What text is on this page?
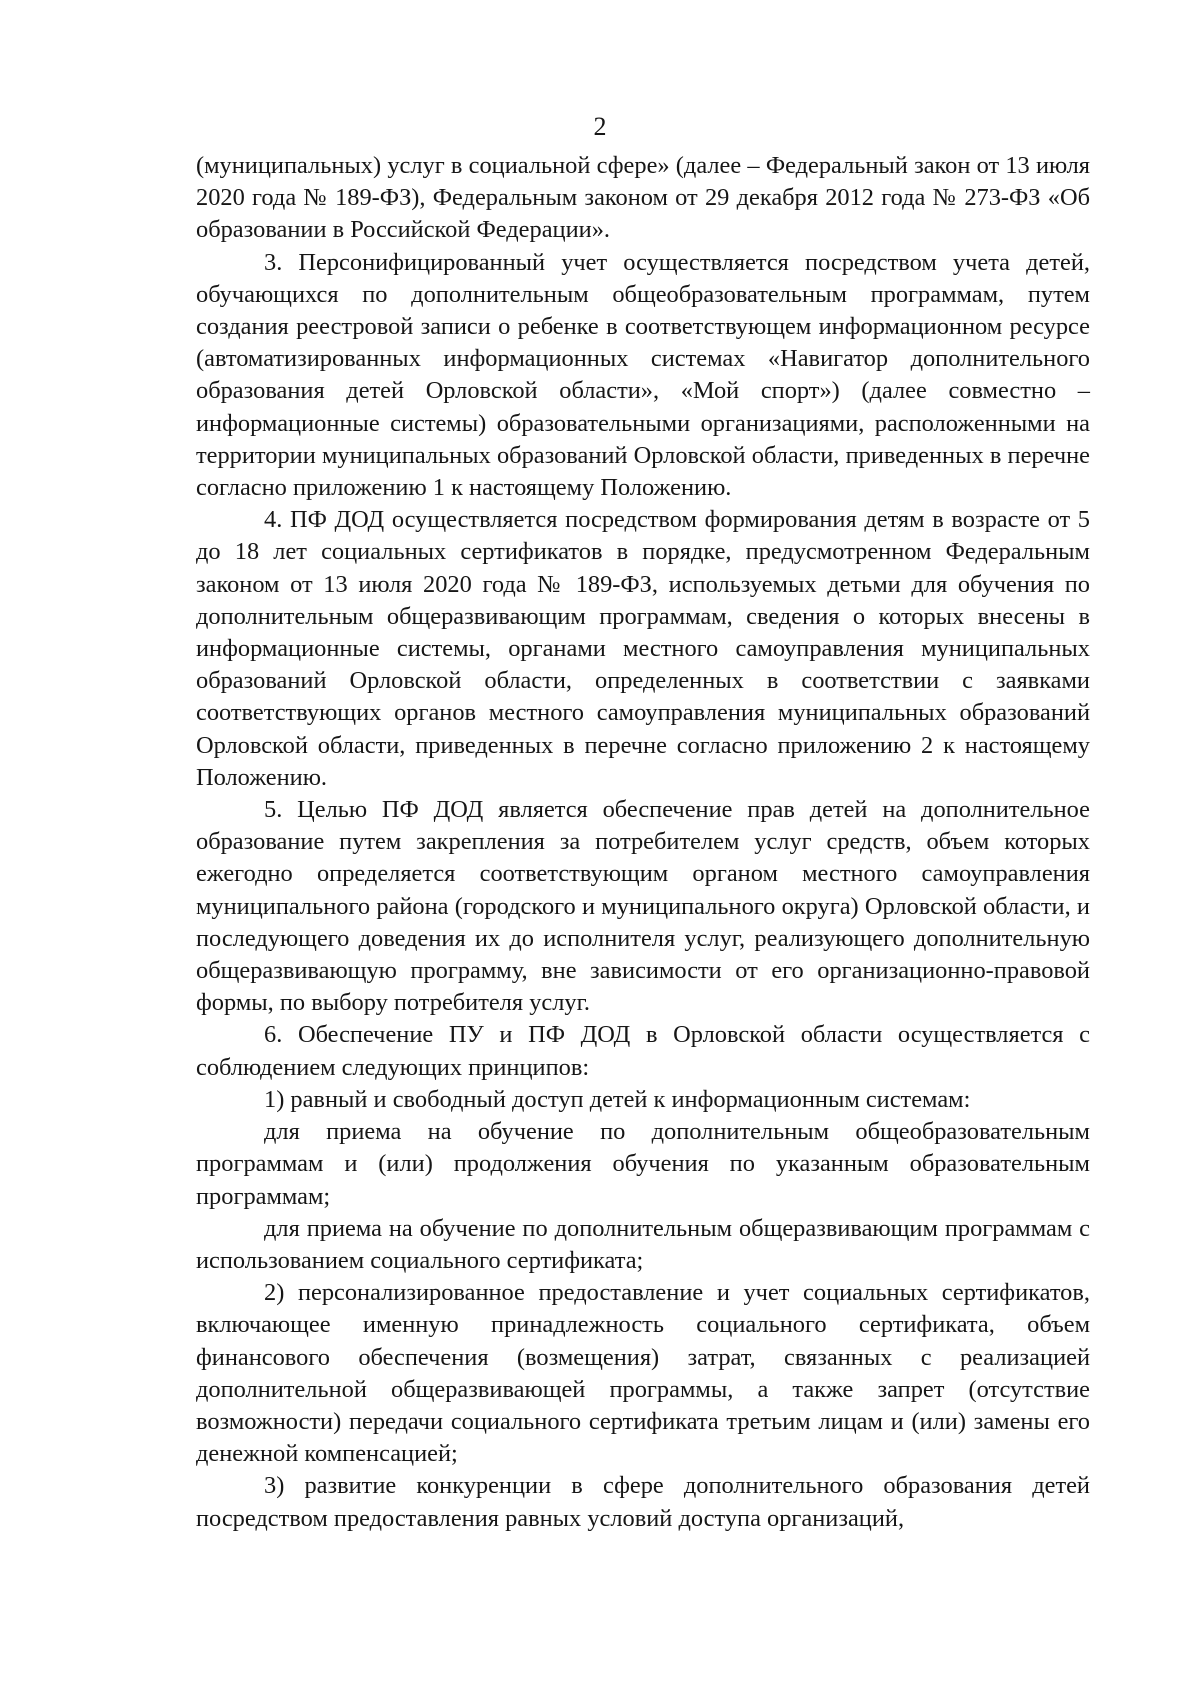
2

(муниципальных) услуг в социальной сфере» (далее – Федеральный закон от 13 июля 2020 года № 189-ФЗ), Федеральным законом от 29 декабря 2012 года № 273-ФЗ «Об образовании в Российской Федерации».

3. Персонифицированный учет осуществляется посредством учета детей, обучающихся по дополнительным общеобразовательным программам, путем создания реестровой записи о ребенке в соответствующем информационном ресурсе (автоматизированных информационных системах «Навигатор дополнительного образования детей Орловской области», «Мой спорт») (далее совместно – информационные системы) образовательными организациями, расположенными на территории муниципальных образований Орловской области, приведенных в перечне согласно приложению 1 к настоящему Положению.

4. ПФ ДОД осуществляется посредством формирования детям в возрасте от 5 до 18 лет социальных сертификатов в порядке, предусмотренном Федеральным законом от 13 июля 2020 года № 189-ФЗ, используемых детьми для обучения по дополнительным общеразвивающим программам, сведения о которых внесены в информационные системы, органами местного самоуправления муниципальных образований Орловской области, определенных в соответствии с заявками соответствующих органов местного самоуправления муниципальных образований Орловской области, приведенных в перечне согласно приложению 2 к настоящему Положению.

5. Целью ПФ ДОД является обеспечение прав детей на дополнительное образование путем закрепления за потребителем услуг средств, объем которых ежегодно определяется соответствующим органом местного самоуправления муниципального района (городского и муниципального округа) Орловской области, и последующего доведения их до исполнителя услуг, реализующего дополнительную общеразвивающую программу, вне зависимости от его организационно-правовой формы, по выбору потребителя услуг.

6. Обеспечение ПУ и ПФ ДОД в Орловской области осуществляется с соблюдением следующих принципов:

1) равный и свободный доступ детей к информационным системам:

для приема на обучение по дополнительным общеобразовательным программам и (или) продолжения обучения по указанным образовательным программам;

для приема на обучение по дополнительным общеразвивающим программам с использованием социального сертификата;

2) персонализированное предоставление и учет социальных сертификатов, включающее именную принадлежность социального сертификата, объем финансового обеспечения (возмещения) затрат, связанных с реализацией дополнительной общеразвивающей программы, а также запрет (отсутствие возможности) передачи социального сертификата третьим лицам и (или) замены его денежной компенсацией;

3) развитие конкуренции в сфере дополнительного образования детей посредством предоставления равных условий доступа организаций,
